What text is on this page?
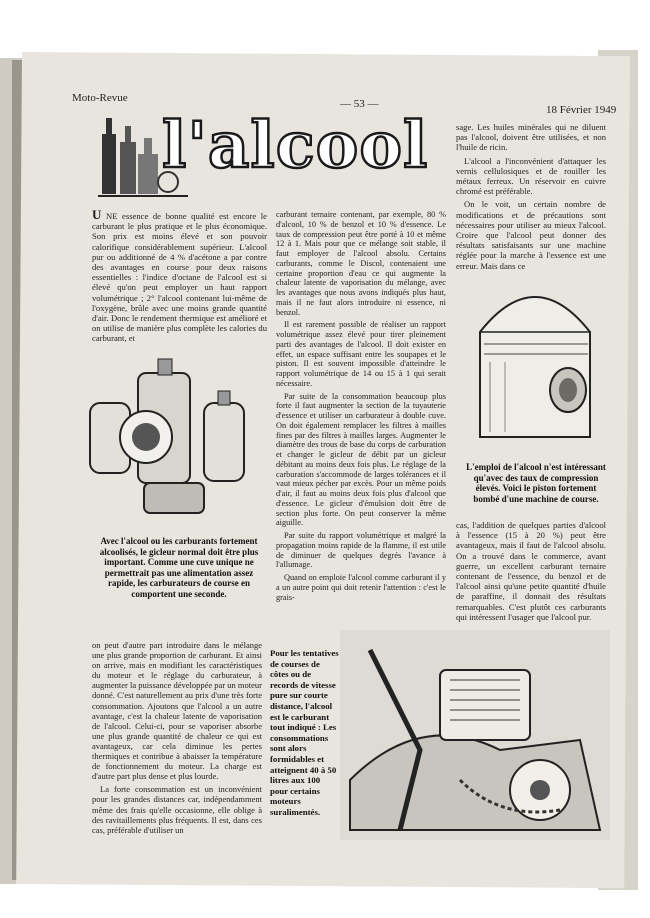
Moto-Revue	— 53 —	18 Février 1949
l'alcool

U NE essence de bonne qualité est encore le carburant le plus pratique et le plus économique. Son prix est moins élevé et son pouvoir calorifique considérablement supérieur. L'alcool pur ou additionné de 4 % d'acétone a par contre des avantages en course pour deux raisons essentielles : l'indice d'octane de l'alcool est si élevé qu'on peut employer un haut rapport volumétrique ; 2° l'alcool contenant lui-même de l'oxygène, brûle avec une moins grande quantité d'air. Donc le rendement thermique est amélioré et on utilise de manière plus complète les calories du carburant, et

carburant ternaire contenant, par exemple, 80 % d'alcool, 10 % de benzol et 10 % d'essence. Le taux de compression peut être porté à 10 et même 12 à 1. Mais pour que ce mélange soit stable, il faut employer de l'alcool absolu. Certains carburants, comme le Discol, contenaient une certaine proportion d'eau ce qui augmente la chaleur latente de vaporisation du mélange, avec les avantages que nous avons indiqués plus haut, mais il ne faut alors introduire ni essence, ni benzol.

Il est rarement possible de réaliser un rapport volumétrique assez élevé pour tirer pleinement parti des avantages de l'alcool. Il doit exister en effet, un espace suffisant entre les soupapes et le piston. Il est souvent impossible d'atteindre le rapport volumétrique de 14 ou 15 à 1 qui serait nécessaire.

Par suite de la consommation beaucoup plus forte il faut augmenter la section de la tuyauterie d'essence et utiliser un carburateur à double cuve. On doit également remplacer les filtres à mailles fines par des filtres à mailles larges. Augmenter le diamètre des trous de base du corps de carburation et changer le gicleur de débit par un gicleur débitant au moins deux fois plus. Le réglage de la carburation s'accommode de larges tolérances et il vaut mieux pécher par excès. Pour un même poids d'air, il faut au moins deux fois plus d'alcool que d'essence. Le gicleur d'émulsion doit être de section plus forte. On peut conserver la même aiguille.

Par suite du rapport volumétrique et malgré la propagation moins rapide de la flamme, il est utile de diminuer de quelques degrés l'avance à l'allumage.

Quand on emploie l'alcool comme carburant il y a un autre point qui doit retenir l'attention : c'est le grais-

sage. Les huiles minérales qui ne diluent pas l'alcool, doivent être utilisées, et non l'huile de ricin.

L'alcool a l'inconvénient d'attaquer les vernis cellulosiques et de rouiller les métaux ferreux. Un réservoir en cuivre chromé est préférable.

On le voit, un certain nombre de modifications et de précautions sont nécessaires pour utiliser au mieux l'alcool. Croire que l'alcool peut donner des résultats satisfaisants sur une machine réglée pour la marche à l'essence est une erreur. Mais dans ce

L'emploi de l'alcool n'est intéressant qu'avec des taux de compression élevés. Voici le piston fortement bombé d'une machine de course.
Avec l'alcool ou les carburants fortement alcoolisés, le gicleur normal doit être plus important. Comme une cuve unique ne permettrait pas une alimentation assez rapide, les carburateurs de course en comportent une seconde.

cas, l'addition de quelques parties d'alcool à l'essence (15 à 20 %) peut être avantageux, mais il faut de l'alcool absolu. On a trouvé dans le commerce, avant guerre, un excellent carburant ternaire contenant de l'essence, du benzol et de l'alcool ainsi qu'une petite quantité d'huile de paraffine, il donnait des résultats remarquables. C'est plutôt ces carburants qui intéressent l'usager que l'alcool pur.

on peut d'autre part introduire dans le mélange une plus grande proportion de carburant. Et ainsi on arrive, mais en modifiant les caractéristiques du moteur et le réglage du carburateur, à augmenter la puissance développée par un moteur donné. C'est naturellement au prix d'une très forte consommation. Ajoutons que l'alcool a un autre avantage, c'est la chaleur latente de vaporisation de l'alcool. Celui-ci, pour se vaporiser absorbe une plus grande quantité de chaleur ce qui est avantageux, car cela diminue les pertes thermiques et contribue à abaisser la température de fonctionnement du moteur. La charge est d'autre part plus dense et plus lourde.

La forte consommation est un inconvénient pour les grandes distances car, indépendamment même des frais qu'elle occasionne, elle oblige à des ravitaillements plus fréquents. Il est, dans ces cas, préférable d'utiliser un

Pour les tentatives de courses de côtes ou de records de vitesse pure sur courte distance, l'alcool est le carburant tout indiqué : Les consommations sont alors formidables et atteignent 40 à 50 litres aux 100 pour certains moteurs suralimentés.
